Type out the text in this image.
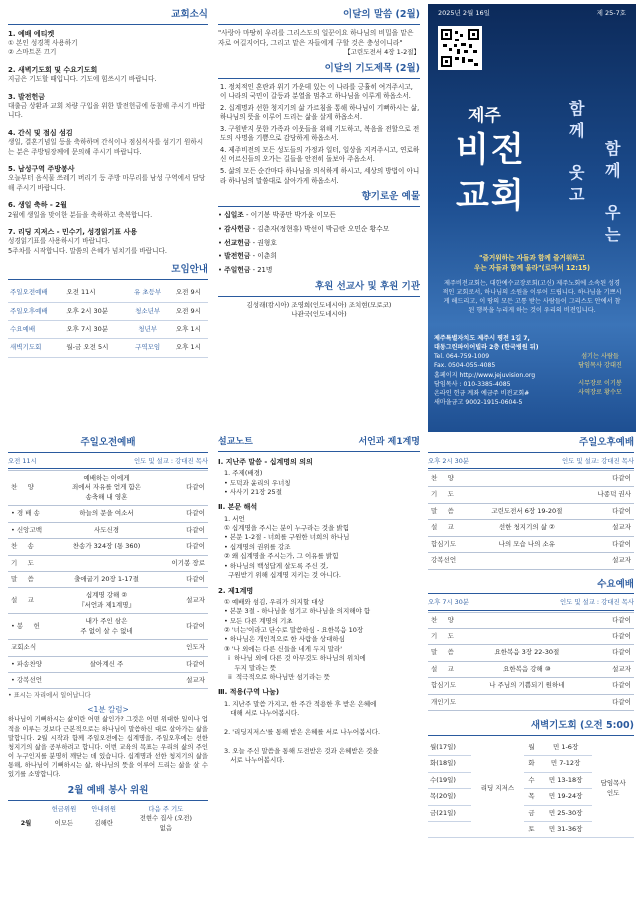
교회소식
1. 예배 에티켓
① 본인 성경책 사용하기
② 스마트폰 끄기
2. 새벽기도회 및 수요기도회
지금은 기도할 때입니다. 기도에 힘쓰시기 바랍니다.
3. 발전헌금
대출금 상환과 교회 차량 구입을 위한 발전헌금에 동참해 주시기 바랍니다.
4. 간식 및 점심 섬김
생일, 결혼기념일 등을 축하하며 간식이나 점심식사를 섬기기 원하시는 분은 주방팀장께에 문의해 주시기 바랍니다.
5. 남성구역 주방봉사
오늘부터 음식물 쓰레기 버리기 등 주방 마무리를 남성 구역에서 담당해 주시기 바랍니다.
6. 생일 축하 - 2월
2월에 생일을 맞이한 분들을 축하하고 축복합니다.
7. 리딩 지저스 - 민수기, 성경읽기표 사용
성경읽기표를 사용하시기 바랍니다.
5주차를 시작합니다. 말씀의 은혜가 넘치기를 바랍니다.
모임안내
주일오전예배	오전 11시	유 초등부	오전 9시
주일오후예배	오후 2시 30분	청소년부	오전 9시
수요예배	오후 7시 30분	청년부	오후 1시
새벽기도회	월-금 오전 5시	구역모임	오후 1시
이달의 말씀 (2월)
"사랑아 마땅히 우리를 그리스도의 일꾼이요 하나님의 비밀을 맡은 자로 여길지어다, 그리고 맡은 자들에게 구할 것은 충성이니라"
【고린도전서 4장 1-2절】
이달의 기도제목 (2월)
1. 정치적인 혼란과 위기 가운데 있는 이 나라를 긍휼히 여겨주시고, 이 나라의 국민이 갈등과 분열을 멈추고 하나님을 이루게 하옵소서.
2. 십계명과 선한 청지기의 삶 가르침을 통해 하나님이 기뻐하시는 삶, 하나님의 뜻을 이루어 드리는 삶을 살게 하옵소서.
3. 구원받지 못한 가족과 이웃들을 위해 기도하고, 복음을 전할으로 전도의 사명을 기쁨으로 감당하게 하옵소서.
4. 제주비전의 모든 성도들의 가정과 일터, 일상을 지켜주시고, 연로하신 어르신들의 오가는 길들을 안전히 돌보아 주옵소서.
5. 삶의 모든 순간마다 하나님을 의식하게 하시고, 세상의 방법이 아니라 하나님의 말씀대로 살아가게 하옵소서.
향기로운 예물
• 십일조 - 이기봉 박종만 박가윤 이모든
• 감사헌금 - 김춘자(정현휴) 박선이 박금란 오민순 황수모
• 선교헌금 - 권형호
• 발전헌금 - 이춘희
• 주일헌금 - 21명
후원 선교사 및 후원 기관
김성래(캄시아) 조영희(인도네시아) 조치현(모로코)
나관국(인도네시아)
2025년 2월 16일	제 25-7호
제주
비전
교회
함께
웃고
함께
우는
"즐거워하는 자들과 함께 즐거워하고
우는 자들과 함께 울라"(로마서 12:15)
제주비전교회는, 대한예수교장로회(고신) 제주노회에 소속된 성경적인 교회로서, 하나님의 소원을 이루어 드립니다. 하나님을 기쁘시게 해드리고, 이 땅의 모든 고통 받는 사람들이 그리스도 안에서 참된 행복을 누리게 하는 것이 우리의 비전입니다.
제주특별자치도 제주시 평전 1길 7,
대동그린파이어빌라 2층 (한국병원 뒤)
Tel. 064-759-1009
Fax. 0504-055-4085
홈페이지 http://www.jejuvision.org
담임목사 : 010-3385-4085
온라인 헌금 계좌 예금주 비전교회#
새마을금고 9002-1915-0604-5
섬기는 사람들
담임목사 강대진
시무장로 이기봉
사역장로 황수모
주일오전예배
오전 11시	인도 및 설교 : 강대진 목사
찬     양	예배하는 이에게
죄에서 자유를 얻게 함은
송축해 내 영혼	다같이
• 경 배 송	하늘의 문을 여소서	다같이
• 신앙고백	사도신경	다같이
찬     송	찬송가 324장 (통 360)	다같이
기     도		이기봉 장로
말     씀	출애굽기 20장 1-17절	다같이
설     교	십계명 강해 ②
『서언과 제1계명』	설교자
• 봉     헌	내가 주인 삼은
주 없이 살 수 없네	다같이
교회소식		인도자
• 파송찬양	살아계신 주	다같이
• 강복선언		설교자
• 표시는 자리에서 일어납니다
<1분 칼럼>
하나님이 기뻐하시는 삶이란 어떤 삶인가? 그것은 어떤 위대한 일이나 업적을 이루는 것보다 근본적으로는 하나님이 말씀하신 대로 살아가는 삶을 말합니다. 2월 시작과 함께 주일오전에는 십계명을, 주일오후에는 선한 청지기의 삶을 공부하려고 합니다. 이번 교육의 목표는 우리의 삶의 주인이 누구인지를 분명히 깨닫는 데 있습니다. 십계명과 선한 청지기의 삶을 통해, 하나님이 기뻐하시는 삶, 하나님의 뜻을 이루어 드리는 삶을 살 수 있기를 소망합니다.
2월 예배 봉사 위원
	헌금위원	안내위원	다음 주 기도
2월	이모든	김해란	전현수 집사 (오전)
없음
설교노트	서언과 제1계명
Ⅰ. 지난주 말씀 - 십계명의 의의
1. 주제(배경)
• 도덕과 윤리의 우너칭
• 사사기 21장 25절
Ⅱ. 본문 해석
1. 서언
① 십계명을 주시는 분이 누구라는 것을 밝힘
• 본문 1-2절 - 너희를 구원한 너희의 하나님
• 십계명의 권위를 강조
② 왜 십계명을 주시는가, 그 이유를 밝힘
• 하나님의 백성답게 살도록 주신 것,
구원받기 위해 십계명 지키는 것 아니다.
2. 제1계명
① 예배와 섬김, 우리가 의지할 대상
• 본문 3절 - 하나님을 섬기고 하나님을 의지해야 함
• 모든 다른 계명의 기초
② '너는'이라고 단수로 말씀하심 - 요한복음 10장
• 하나님은 개인적으로 한 사람을 상대하심
③ '나 외에는 다른 신들을 네게 두지 말라'
i  하나님 외에 다른 것 아무것도 하나님의 위치에
두지 말라는 뜻
ii  적극적으로 하나님만 섬기라는 뜻
Ⅲ. 적용(구역 나눔)
1. 지난주 말씀 가지고, 한 주간 적용한 후 받은 은혜에
대해 서로 나누어봅시다.

2. '리딩지저스'를 통해 받은 은혜를 서로 나누어봅시다.

3. 오늘 주신 말씀을 통해 도전받은 것과 은혜받은 것을
서로 나누어봅시다.
주일오후예배
오후 2시 30분	인도 및 설교: 강대진 목사
찬     양		다같이
기     도		나종덕 권사
말     씀	고린도전서 6장 19-20절	다같이
설     교	선한 청지기의 삶 ②	설교자
합심기도	나의 모습 나의 소유	다같이
강복선언		설교자
수요예배
오후 7시 30분	인도 및 설교 : 강대진 목사
찬     양		다같이
기     도		다같이
말     씀	요한복음 3장 22-30절	다같이
설     교	요한복음 강해 ⑩	설교자
합심기도	나 주님의 기쁨되기 원하네	다같이
개인기도		다같이
새벽기도회 (오전 5:00)
월(17일)	리딩 지저스	월	민 1-6장	담임목사
인도
화(18일)		화	민 7-12장	
수(19일)		수	민 13-18장	
목(20일)		목	민 19-24장	
금(21일)		금	민 25-30장	
		토	민 31-36장	
